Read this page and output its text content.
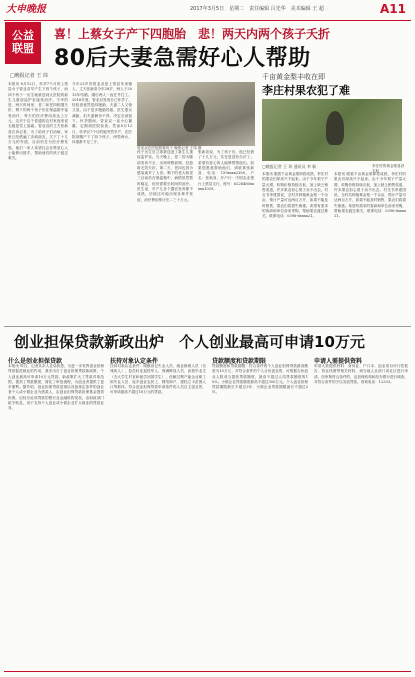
大申晚报	2017年3月5日　星期二　责任编辑 吕光华　美术编辑 王 超	A11
公益
联盟
喜！上蔡女子产下四胞胎　悲！两天内两个孩子夭折
80后夫妻急需好心人帮助
□晚报记者 王 玮
本报讯 8月12日，怀孕7个月的上蔡县女子曾亚双早产生下四个孩子，而四个孩子一出生就被送到大医院的新生儿重症监护室接受治疗。不幸的是，两天时间里，老二和老四相继夭折，剩下的两个孩子仍在保温箱中接受治疗，每天的医疗费用高达上万元，这对于这个普通的农村家庭来说无疑是雪上加霜。曾亚双的丈夫张新喜告诉记者，为了给孩子们治病，家里已经借遍了亲戚朋友，欠下了十几万元的外债，目前仍在为医疗费发愁。他们一家人希望社会各界爱心人士能伸出援手，帮助他们的孩子渡过难关。
今年23岁的曾亚双是上蔡县朱里镇人，丈夫张新喜今年28岁，两人于2013年结婚。婚后两人一直在外打工。2016年底，曾亚双发现自己怀孕了，经检查竟然是四胞胎，夫妻二人又惊又喜。由于是多胞胎妊娠，医生建议减胎，但夫妻俩舍不得，决定全部留下。怀孕期间，曾亚双一直小心翼翼，定期到医院检查。然而8月12日，怀孕仅7个月的她突然早产，在医院剖腹产下了四个孩子，两男两女，体重都不足三斤。
孩子出生后立即被送进了新生儿重症监护室。当天晚上，老二因为肺部发育不全，出现呼吸衰竭，经抢救无效夭折。第二天，老四也因为感染离开了人世。剩下的老大和老三目前仍在保温箱中，病情虽然暂时稳定，但仍需要长时间的治疗。医生说，早产儿各个器官发育都不成熟，后续还可能出现各种并发症，治疗费用预计在二三十万元。
张新喜说，为了孩子们，他已经借了十几万元，实在是没有办法了。希望有爱心的人能够帮帮他们。如果您愿意帮助他们，请联系张新喜，电话：159xxxx2356，户名：张新喜，开户行：中国农业银行上蔡县支行，账号：6228480xxxxx1039。
曾亚双在医院照看孩子 晚报记者 王玮 摄
千亩黄金梨丰收在即
李庄村果农犯了难
李庄村的黄金梨喜获丰收
□晚报记者 王 玮 通讯员 李 新
本报讯 眼看千亩黄金梨即将成熟，李庄村的果农们却高兴不起来。由于今年梨子产量大增，收购价格持续走低，加上缺乏销售渠道，许多果农担心梨子卖不出去。村支书李建国说，全村共种植黄金梨一千余亩，预计产量可达两百万斤，如果不能及时销售，果农们将损失惨重。希望有需求的客商和单位前来采购，帮助果农渡过难关。联系电话：0396-6xxxx21。
本报讯 眼看千亩黄金梨即将成熟，李庄村的果农们却高兴不起来。由于今年梨子产量大增，收购价格持续走低，加上缺乏销售渠道，许多果农担心梨子卖不出去。村支书李建国说，全村共种植黄金梨一千余亩，预计产量可达两百万斤，如果不能及时销售，果农们将损失惨重。希望有需求的客商和单位前来采购，帮助果农渡过难关。联系电话：0396-6xxxx21。
创业担保贷款新政出炉　个人创业最高可申请10万元
什么是创业担保贷款
本报讯 昨日，记者从市人社局获悉，为进一步发挥创业担保贷款促进就业的作用，我市出台了创业担保贷款新政策，个人创业最高可申请10万元贷款。新政策扩大了贷款对象范围，提高了贷款额度，简化了审批流程，为创业者提供了更多便利。据介绍，创业担保贷款是指以具备规定条件的创业者个人或小微企业为借款人，由创业担保贷款担保基金提供担保，由经办此项贷款的银行业金融机构发放，由财政部门给予贴息，用于支持个人创业或小微企业扩大就业的贷款业务。
扶持对象认定条件
扶持对象认定条件：城镇登记失业人员、就业困难人员（含残疾人）、复员转业退役军人、刑满释放人员、高校毕业生（含大学生村官和留学回国学生）、化解过剩产能企业职工和失业人员、返乡创业农民工、网络商户、建档立卡贫困人口等群体。符合创业担保贷款申请条件的人员自主创业的，可申请最高不超过10万元的贷款。
贷款额度和贷款期限
贷款额度和贷款期限：符合条件的个人创业担保贷款最高额度为10万元；对符合条件的个人合伙创业的，可根据合伙创业人数适当提高贷款额度，最高不超过人均贷款额度的10%。小微企业贷款额度最高不超过300万元。个人创业担保贷款期限最长不超过3年，小微企业贷款期限最长不超过2年。
申请人需提供资料
申请人需提供材料：身份证、户口本、创业项目可行性报告、营业执照等相关材料，到当地人社部门或社区进行申请。经审核符合条件的，由担保机构和经办银行进行调查，对符合条件的予以发放贷款。咨询电话：12333。
